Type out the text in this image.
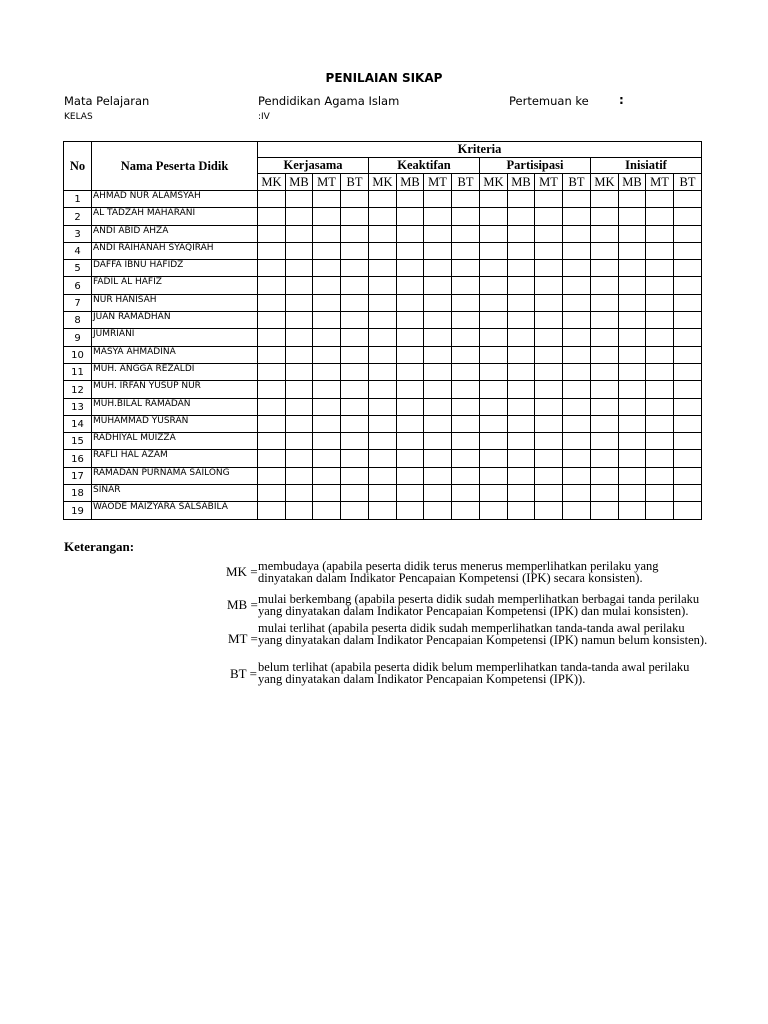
PENILAIAN SIKAP
Mata Pelajaran	Pendidikan Agama Islam	Pertemuan ke	:
KELAS	:IV
No	Nama Peserta Didik	Kriteria															
		Kerjasama				Keaktifan				Partisipasi				Inisiatif			
		MK	MB	MT	BT	MK	MB	MT	BT	MK	MB	MT	BT	MK	MB	MT	BT
1	AHMAD NUR ALAMSYAH																
2	AL TADZAH MAHARANI																
3	ANDI ABID AHZA																
4	ANDI RAIHANAH SYAQIRAH																
5	DAFFA IBNU HAFIDZ																
6	FADIL AL HAFIZ																
7	NUR HANISAH																
8	JUAN RAMADHAN																
9	JUMRIANI																
10	MASYA AHMADINA																
11	MUH. ANGGA REZALDI																
12	MUH. IRFAN YUSUP NUR																
13	MUH.BILAL RAMADAN																
14	MUHAMMAD YUSRAN																
15	RADHIYAL MUIZZA																
16	RAFLI HAL AZAM																
17	RAMADAN PURNAMA SAILONG																
18	SINAR																
19	WAODE MAIZYARA SALSABILA																
Keterangan:
MK = membudaya (apabila peserta didik terus menerus memperlihatkan perilaku yang dinyatakan dalam Indikator Pencapaian Kompetensi (IPK) secara konsisten).
MB = mulai berkembang (apabila peserta didik sudah memperlihatkan berbagai tanda perilaku yang dinyatakan dalam Indikator Pencapaian Kompetensi (IPK) dan mulai konsisten).
MT =
mulai terlihat (apabila peserta didik sudah memperlihatkan tanda-tanda awal perilaku yang dinyatakan dalam Indikator Pencapaian Kompetensi (IPK) namun belum konsisten).
BT = belum terlihat (apabila peserta didik belum memperlihatkan tanda-tanda awal perilaku yang dinyatakan dalam Indikator Pencapaian Kompetensi (IPK)).
